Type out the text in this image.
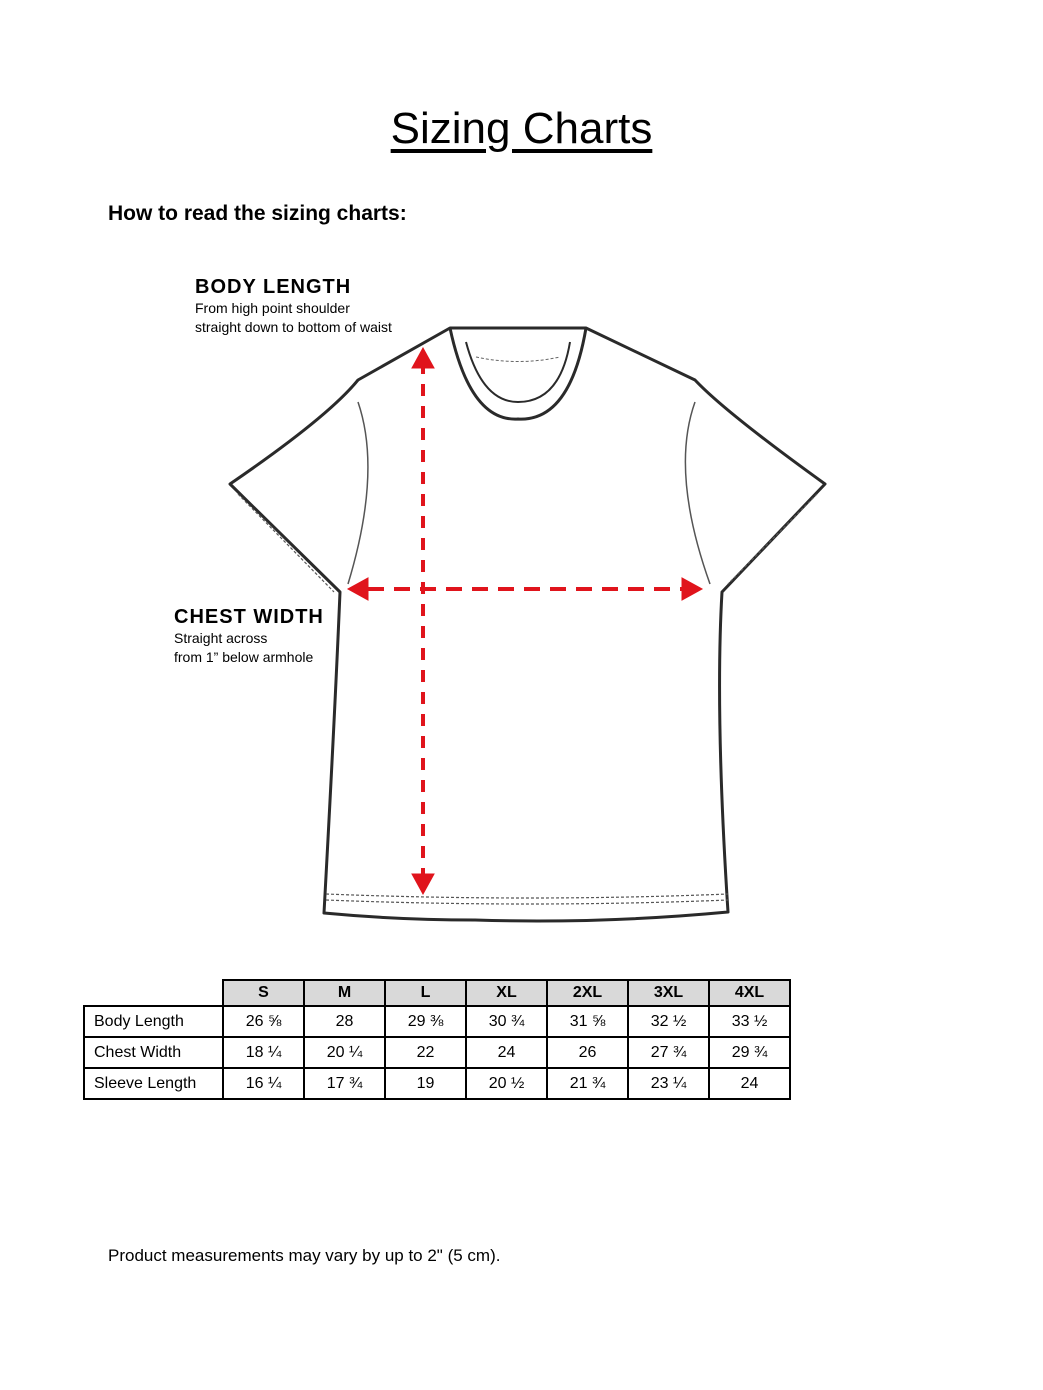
Sizing Charts
How to read the sizing charts:
BODY LENGTH
From high point shoulder
straight down to bottom of waist
CHEST WIDTH
Straight across
from 1” below armhole
	S	M	L	XL	2XL	3XL	4XL
Body Length	26 ⅝	28	29 ⅜	30 ¾	31 ⅝	32 ½	33 ½
Chest Width	18 ¼	20 ¼	22	24	26	27 ¾	29 ¾
Sleeve Length	16 ¼	17 ¾	19	20 ½	21 ¾	23 ¼	24
Product measurements may vary by up to 2" (5 cm).
